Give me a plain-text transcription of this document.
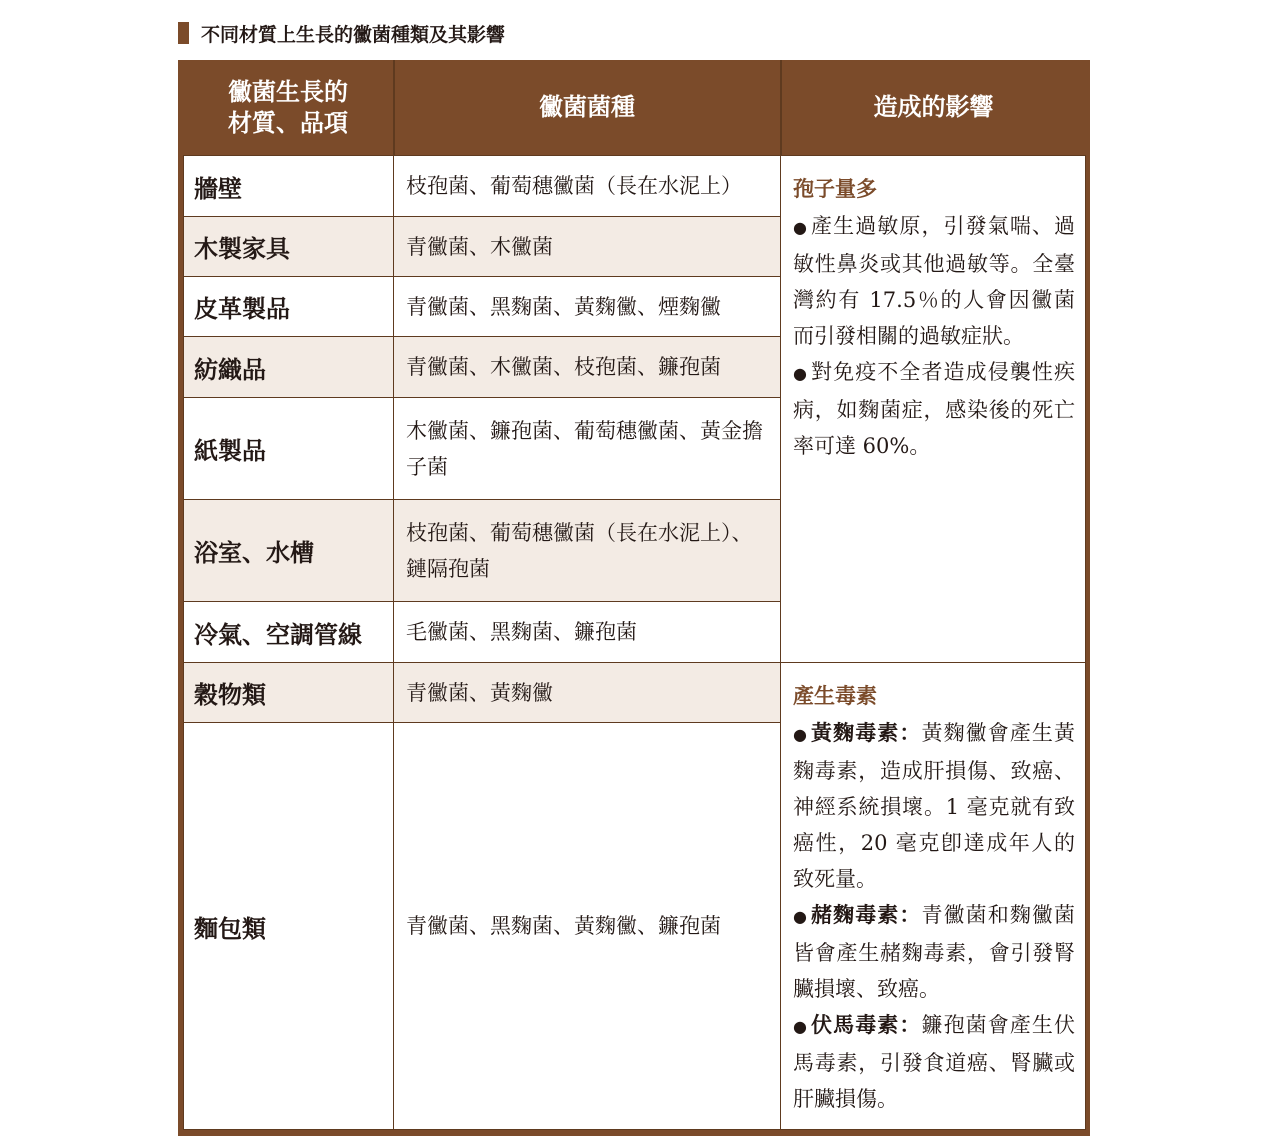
不同材質上生長的黴菌種類及其影響
黴菌生長的
材質、品項	黴菌菌種	造成的影響
牆壁	枝孢菌、葡萄穗黴菌（長在水泥上）	孢子量多

● 產生過敏原，引發氣喘、過敏性鼻炎或其他過敏等。全臺灣約有 17.5％的人會因黴菌而引發相關的過敏症狀。

● 對免疫不全者造成侵襲性疾病，如麴菌症，感染後的死亡率可達 60%。

木製家具	青黴菌、木黴菌	
皮革製品	青黴菌、黑麴菌、黃麴黴、煙麴黴	
紡織品	青黴菌、木黴菌、枝孢菌、鐮孢菌	
紙製品	木黴菌、鐮孢菌、葡萄穗黴菌、黃金擔子菌	
浴室、水槽	枝孢菌、葡萄穗黴菌（長在水泥上）、鏈隔孢菌	
冷氣、空調管線	毛黴菌、黑麴菌、鐮孢菌	
穀物類	青黴菌、黃麴黴	產生毒素

● 黃麴毒素：黃麴黴會產生黃麴毒素，造成肝損傷、致癌、神經系統損壞。1 毫克就有致癌性，20 毫克卽達成年人的致死量。

● 赭麴毒素：青黴菌和麴黴菌皆會產生赭麴毒素，會引發腎臟損壞、致癌。

● 伏馬毒素：鐮孢菌會產生伏馬毒素，引發食道癌、腎臟或肝臟損傷。

麵包類	青黴菌、黑麴菌、黃麴黴、鐮孢菌	
